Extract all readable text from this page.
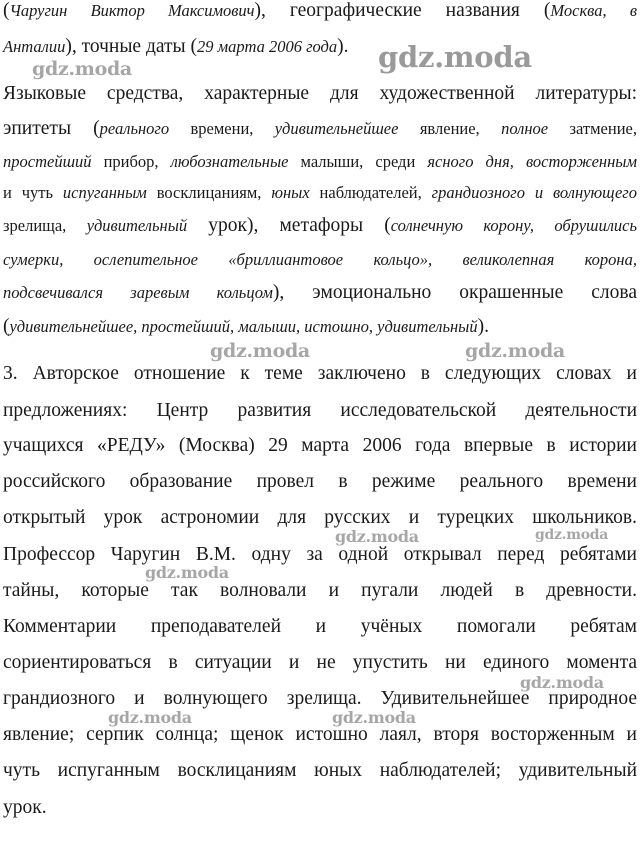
(Чаругин Виктор Максимович), географические названия (Москва, в
Анталии), точные даты (29 марта 2006 года).
Языковые средства, характерные для художественной литературы:
эпитеты (реального времени, удивительнейшее явление, полное затмение,
простейший прибор, любознательные малыши, среди ясного дня, восторженным
и чуть испуганным восклицаниям, юных наблюдателей, грандиозного и волнующего
зрелища, удивительный урок), метафоры (солнечную корону, обрушились
сумерки, ослепительное «бриллиантовое кольцо», великолепная корона,
подсвечивался заревым кольцом), эмоционально окрашенные слова
(удивительнейшее, простейший, малыши, истошно, удивительный).
3. Авторское отношение к теме заключено в следующих словах и
предложениях: Центр развития исследовательской деятельности
учащихся «РЕДУ» (Москва) 29 марта 2006 года впервые в истории
российского образование провел в режиме реального времени
открытый урок астрономии для русских и турецких школьников.
Профессор Чаругин В.М. одну за одной открывал перед ребятами
тайны, которые так волновали и пугали людей в древности.
Комментарии преподавателей и учёных помогали ребятам
сориентироваться в ситуации и не упустить ни единого момента
грандиозного и волнующего зрелища. Удивительнейшее природное
явление; серпик солнца; щенок истошно лаял, вторя восторженным и
чуть испуганным восклицаниям юных наблюдателей; удивительный
урок.
gdz.moda	gdz.moda
gdz.moda	gdz.moda
gdz.moda	gdz.moda
gdz.moda
gdz.moda
gdz.moda	gdz.moda
